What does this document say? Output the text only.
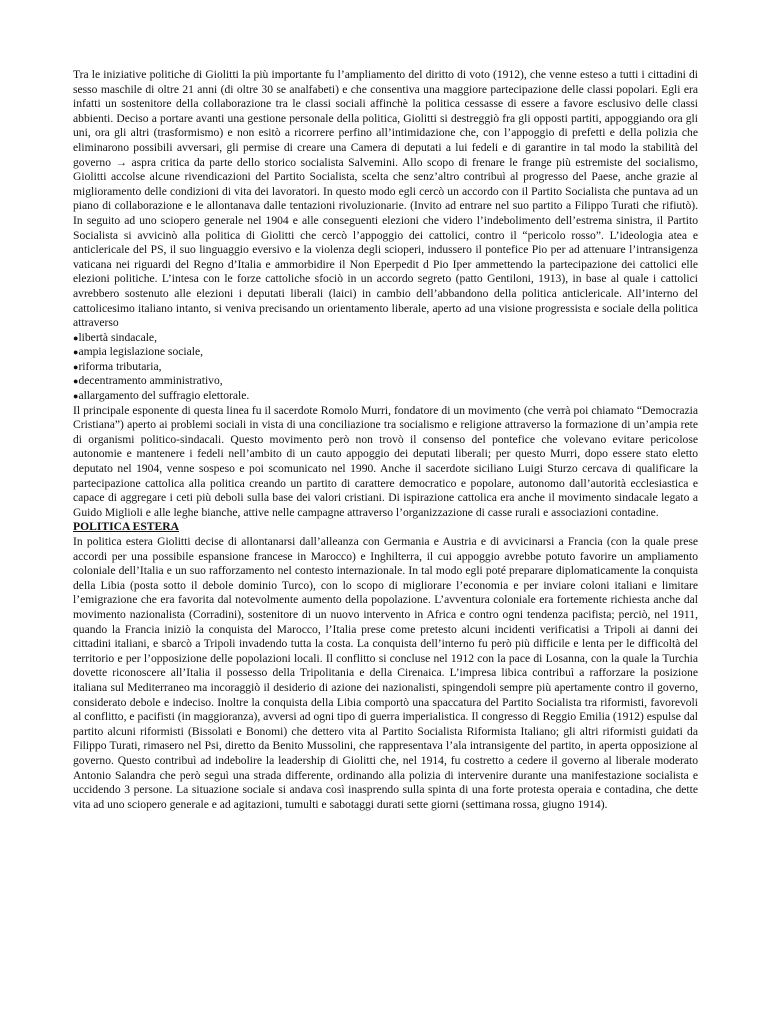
Tra le iniziative politiche di Giolitti la più importante fu l’ampliamento del diritto di voto (1912), che venne esteso a tutti i cittadini di sesso maschile di oltre 21 anni (di oltre 30 se analfabeti) e che consentiva una maggiore partecipazione delle classi popolari. Egli era infatti un sostenitore della collaborazione tra le classi sociali affinchè la politica cessasse di essere a favore esclusivo delle classi abbienti. Deciso a portare avanti una gestione personale della politica, Giolitti si destreggiò fra gli opposti partiti, appoggiando ora gli uni, ora gli altri (trasformismo) e non esitò a ricorrere perfino all’intimidazione che, con l’appoggio di prefetti e della polizia che eliminarono possibili avversari, gli permise di creare una Camera di deputati a lui fedeli e di garantire in tal modo la stabilità del governo → aspra critica da parte dello storico socialista Salvemini. Allo scopo di frenare le frange più estremiste del socialismo, Giolitti accolse alcune rivendicazioni del Partito Socialista, scelta che senz’altro contribuì al progresso del Paese, anche grazie al miglioramento delle condizioni di vita dei lavoratori. In questo modo egli cercò un accordo con il Partito Socialista che puntava ad un piano di collaborazione e le allontanava dalle tentazioni rivoluzionarie. (Invito ad entrare nel suo partito a Filippo Turati che rifiutò). In seguito ad uno sciopero generale nel 1904 e alle conseguenti elezioni che videro l’indebolimento dell’estrema sinistra, il Partito Socialista si avvicinò alla politica di Giolitti che cercò l’appoggio dei cattolici, contro il “pericolo rosso”. L’ideologia atea e anticlericale del PS, il suo linguaggio eversivo e la violenza degli scioperi, indussero il pontefice Pio per ad attenuare l’intransigenza vaticana nei riguardi del Regno d’Italia e ammorbidire il Non Eperpedit d Pio Iper ammettendo la partecipazione dei cattolici elle elezioni politiche. L’intesa con le forze cattoliche sfociò in un accordo segreto (patto Gentiloni, 1913), in base al quale i cattolici avrebbero sostenuto alle elezioni i deputati liberali (laici) in cambio dell’abbandono della politica anticlericale. All’interno del cattolicesimo italiano intanto, si veniva precisando un orientamento liberale, aperto ad una visione progressista e sociale della politica attraverso

●libertà sindacale,
●ampia legislazione sociale,
●riforma tributaria,
●decentramento amministrativo,
●allargamento del suffragio elettorale.

Il principale esponente di questa linea fu il sacerdote Romolo Murri, fondatore di un movimento (che verrà poi chiamato “Democrazia Cristiana”) aperto ai problemi sociali in vista di una conciliazione tra socialismo e religione attraverso la formazione di un’ampia rete di organismi politico-sindacali. Questo movimento però non trovò il consenso del pontefice che volevano evitare pericolose autonomie e mantenere i fedeli nell’ambito di un cauto appoggio dei deputati liberali; per questo Murri, dopo essere stato eletto deputato nel 1904, venne sospeso e poi scomunicato nel 1990. Anche il sacerdote siciliano Luigi Sturzo cercava di qualificare la partecipazione cattolica alla politica creando un partito di carattere democratico e popolare, autonomo dall’autorità ecclesiastica e capace di aggregare i ceti più deboli sulla base dei valori cristiani. Di ispirazione cattolica era anche il movimento sindacale legato a Guido Miglioli e alle leghe bianche, attive nelle campagne attraverso l’organizzazione di casse rurali e associazioni contadine.

POLITICA ESTERA

In politica estera Giolitti decise di allontanarsi dall’alleanza con Germania e Austria e di avvicinarsi a Francia (con la quale prese accordi per una possibile espansione francese in Marocco) e Inghilterra, il cui appoggio avrebbe potuto favorire un ampliamento coloniale dell’Italia e un suo rafforzamento nel contesto internazionale. In tal modo egli poté preparare diplomaticamente la conquista della Libia (posta sotto il debole dominio Turco), con lo scopo di migliorare l’economia e per inviare coloni italiani e limitare l’emigrazione che era favorita dal notevolmente aumento della popolazione. L’avventura coloniale era fortemente richiesta anche dal movimento nazionalista (Corradini), sostenitore di un nuovo intervento in Africa e contro ogni tendenza pacifista; perciò, nel 1911, quando la Francia iniziò la conquista del Marocco, l’Italia prese come pretesto alcuni incidenti verificatisi a Tripoli ai danni dei cittadini italiani, e sbarcò a Tripoli invadendo tutta la costa. La conquista dell’interno fu però più difficile e lenta per le difficoltà del territorio e per l’opposizione delle popolazioni locali. Il conflitto si concluse nel 1912 con la pace di Losanna, con la quale la Turchia dovette riconoscere all’Italia il possesso della Tripolitania e della Cirenaica. L’impresa libica contribuì a rafforzare la posizione italiana sul Mediterraneo ma incoraggiò il desiderio di azione dei nazionalisti, spingendoli sempre più apertamente contro il governo, considerato debole e indeciso. Inoltre la conquista della Libia comportò una spaccatura del Partito Socialista tra riformisti, favorevoli al conflitto, e pacifisti (in maggioranza), avversi ad ogni tipo di guerra imperialistica. Il congresso di Reggio Emilia (1912) espulse dal partito alcuni riformisti (Bissolati e Bonomi) che dettero vita al Partito Socialista Riformista Italiano; gli altri riformisti guidati da Filippo Turati, rimasero nel Psi, diretto da Benito Mussolini, che rappresentava l’ala intransigente del partito, in aperta opposizione al governo. Questo contribuì ad indebolire la leadership di Giolitti che, nel 1914, fu costretto a cedere il governo al liberale moderato Antonio Salandra che però seguì una strada differente, ordinando alla polizia di intervenire durante una manifestazione socialista e uccidendo 3 persone. La situazione sociale si andava così inasprendo sulla spinta di una forte protesta operaia e contadina, che dette vita ad uno sciopero generale e ad agitazioni, tumulti e sabotaggi durati sette giorni (settimana rossa, giugno 1914).
